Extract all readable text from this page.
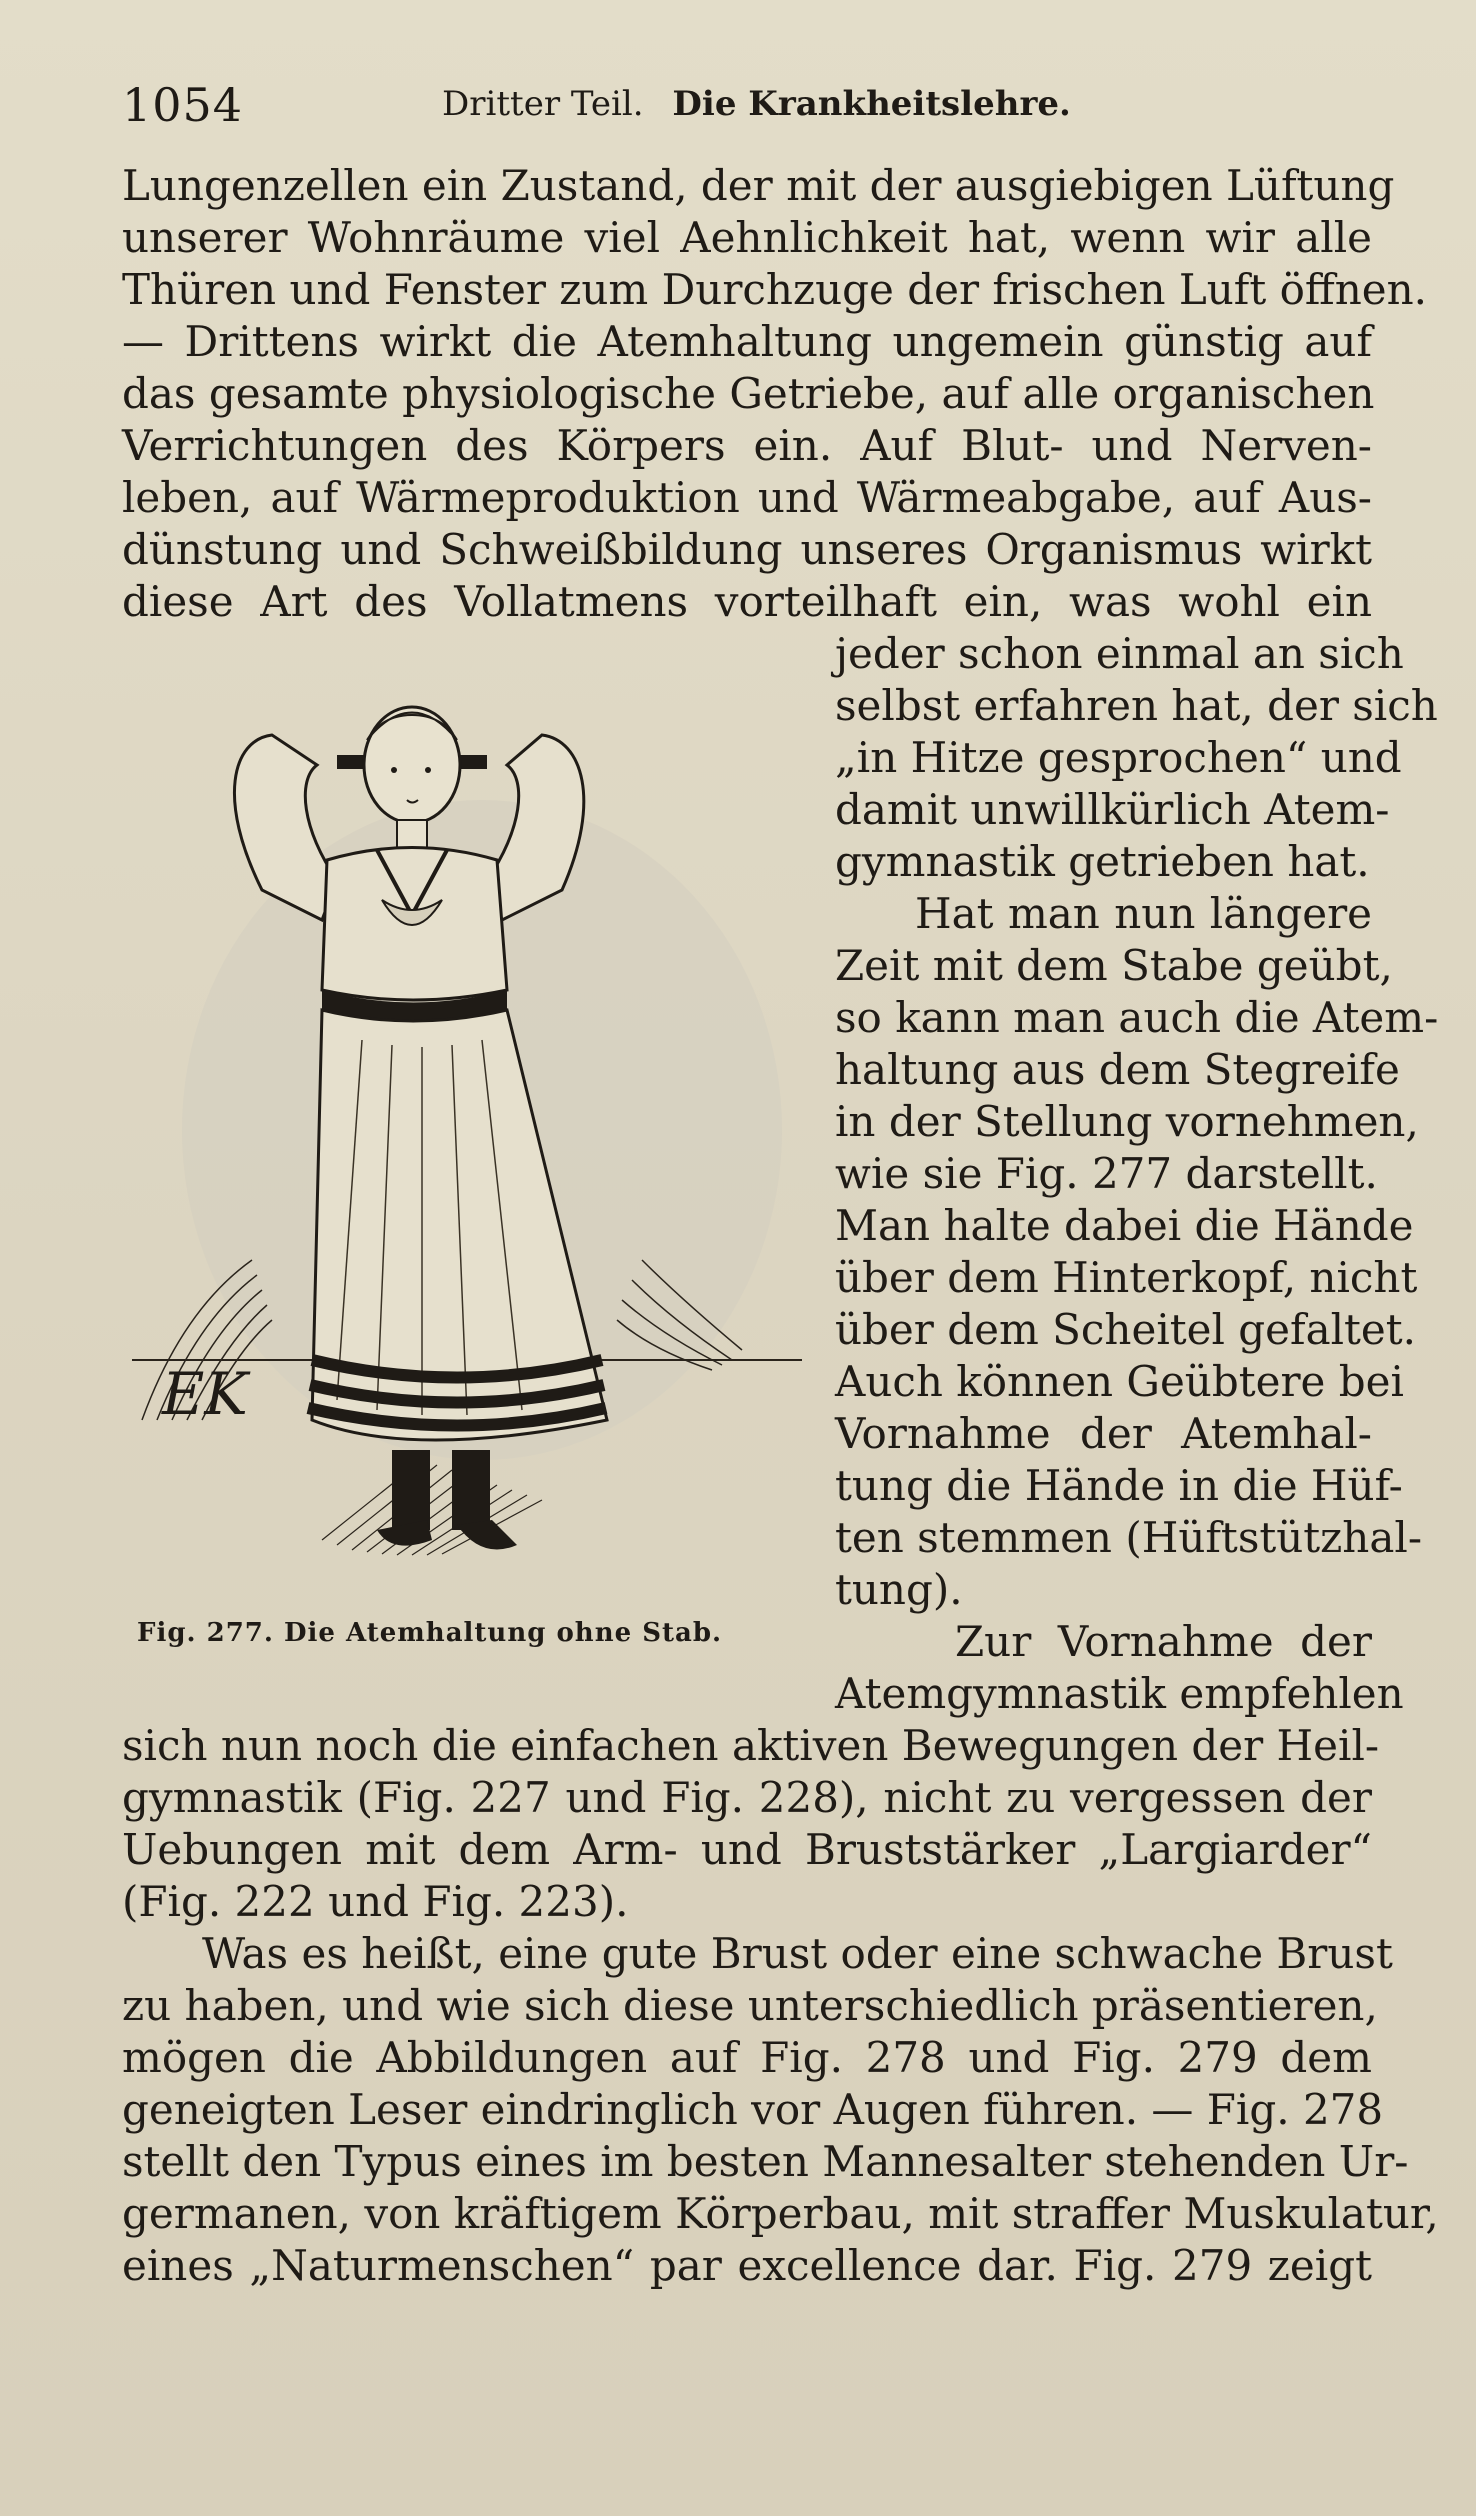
1054	Dritter Teil. Die Krankheitslehre.

Lungenzellen ein Zustand, der mit der ausgiebigen Lüftung

unserer Wohnräume viel Aehnlichkeit hat, wenn wir alle

Thüren und Fenster zum Durchzuge der frischen Luft öffnen.

— Drittens wirkt die Atemhaltung ungemein günstig auf

das gesamte physiologische Getriebe, auf alle organischen

Verrichtungen des Körpers ein. Auf Blut- und Nerven-

leben, auf Wärmeproduktion und Wärmeabgabe, auf Aus-

dünstung und Schweißbildung unseres Organismus wirkt

diese Art des Vollatmens vorteilhaft ein, was wohl ein

jeder schon einmal an sich

selbst erfahren hat, der sich

„in Hitze gesprochen“ und

damit unwillkürlich Atem-

gymnastik getrieben hat.

Hat man nun längere

Zeit mit dem Stabe geübt,

so kann man auch die Atem-

haltung aus dem Stegreife

in der Stellung vornehmen,

wie sie Fig. 277 darstellt.

Man halte dabei die Hände

über dem Hinterkopf, nicht

über dem Scheitel gefaltet.

Auch können Geübtere bei

Vornahme der Atemhal-

tung die Hände in die Hüf-

ten stemmen (Hüftstützhal-

tung).

Zur Vornahme der

Atemgymnastik empfehlen

sich nun noch die einfachen aktiven Bewegungen der Heil-

gymnastik (Fig. 227 und Fig. 228), nicht zu vergessen der

Uebungen mit dem Arm- und Bruststärker „Largiarder“

(Fig. 222 und Fig. 223).

Was es heißt, eine gute Brust oder eine schwache Brust

zu haben, und wie sich diese unterschiedlich präsentieren,

mögen die Abbildungen auf Fig. 278 und Fig. 279 dem

geneigten Leser eindringlich vor Augen führen. — Fig. 278

stellt den Typus eines im besten Mannesalter stehenden Ur-

germanen, von kräftigem Körperbau, mit straffer Muskulatur,

eines „Naturmenschen“ par excellence dar. Fig. 279 zeigt

EK
Fig. 277. Die Atemhaltung ohne Stab.
